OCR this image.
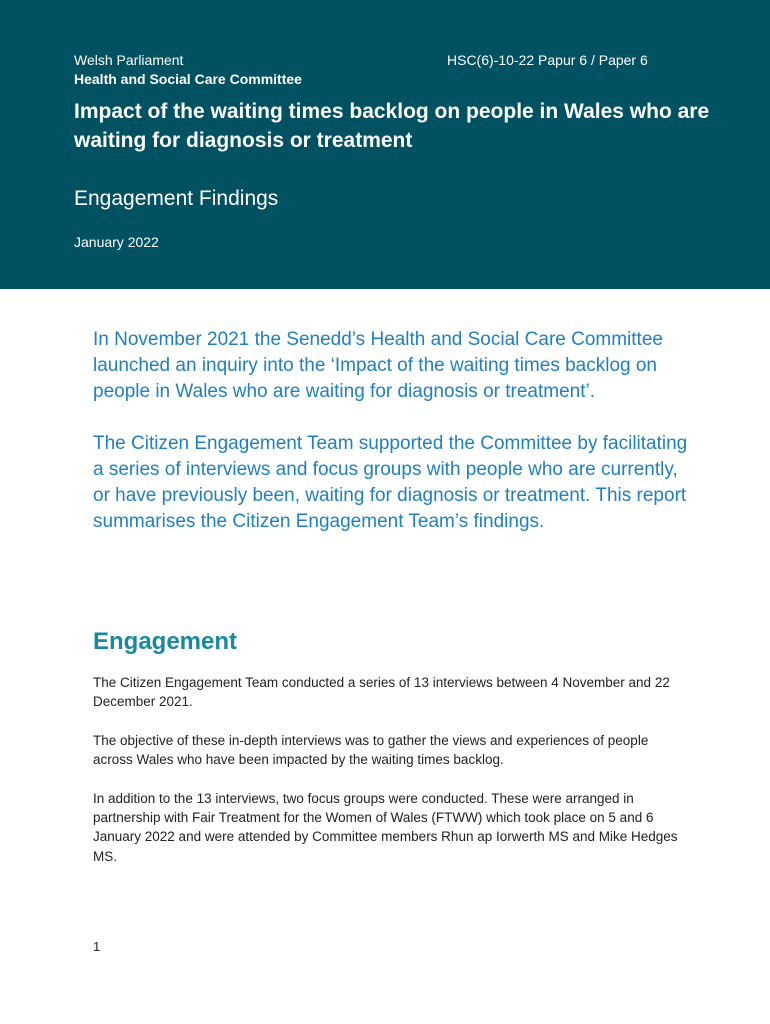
Welsh Parliament	HSC(6)-10-22 Papur 6 / Paper 6
Health and Social Care Committee
Impact of the waiting times backlog on people in Wales who are waiting for diagnosis or treatment
Engagement Findings
January 2022

In November 2021 the Senedd’s Health and Social Care Committee launched an inquiry into the ‘Impact of the waiting times backlog on people in Wales who are waiting for diagnosis or treatment’.

The Citizen Engagement Team supported the Committee by facilitating a series of interviews and focus groups with people who are currently, or have previously been, waiting for diagnosis or treatment. This report summarises the Citizen Engagement Team’s findings.

Engagement

The Citizen Engagement Team conducted a series of 13 interviews between 4 November and 22 December 2021.

The objective of these in-depth interviews was to gather the views and experiences of people across Wales who have been impacted by the waiting times backlog.

In addition to the 13 interviews, two focus groups were conducted. These were arranged in partnership with Fair Treatment for the Women of Wales (FTWW) which took place on 5 and 6 January 2022 and were attended by Committee members Rhun ap Iorwerth MS and Mike Hedges MS.

1
